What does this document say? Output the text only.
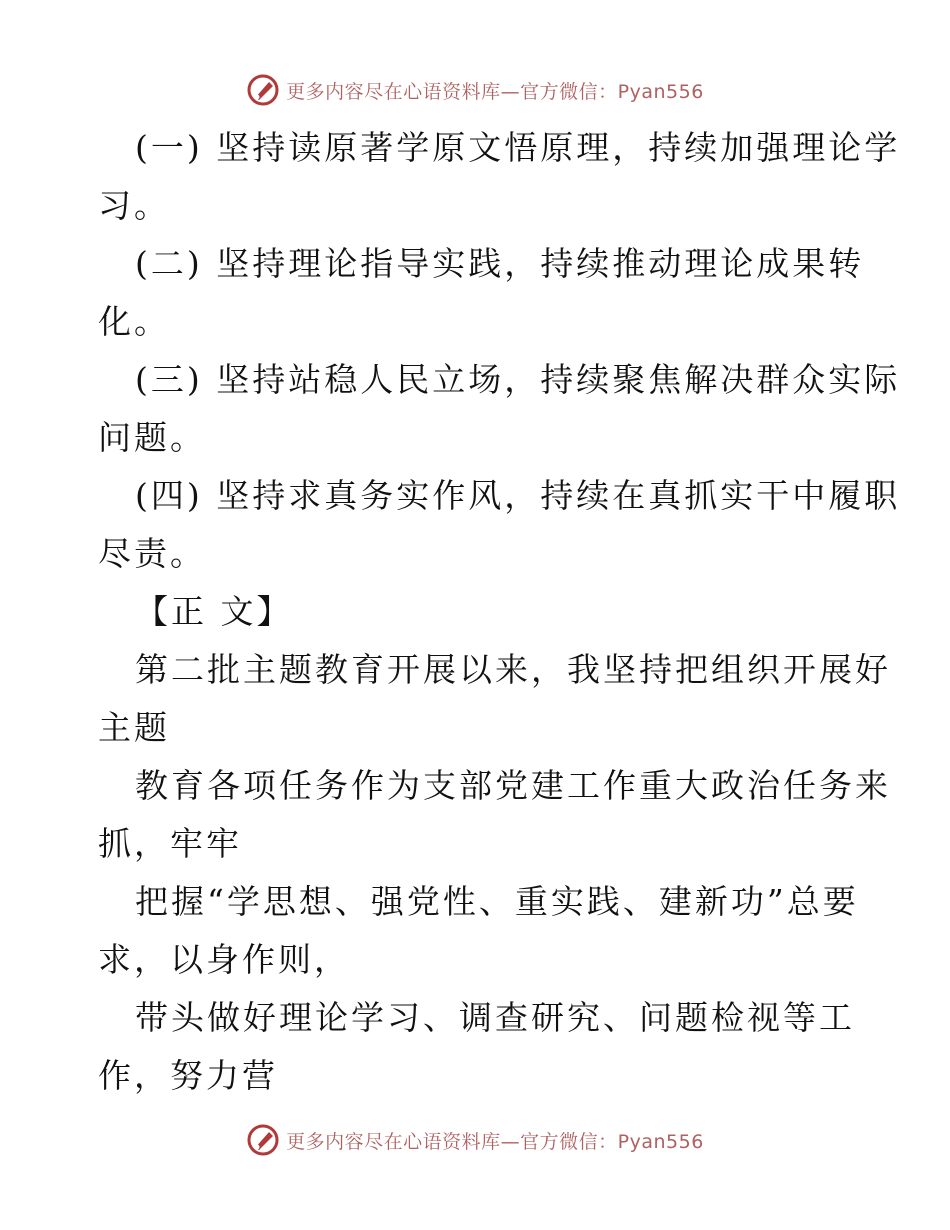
更多内容尽在心语资料库—官方微信：Pyan556
(一) 坚持读原著学原文悟原理，持续加强理论学
习。
(二) 坚持理论指导实践，持续推动理论成果转
化。
(三) 坚持站稳人民立场，持续聚焦解决群众实际
问题。
(四) 坚持求真务实作风，持续在真抓实干中履职
尽责。
【正 文】
第二批主题教育开展以来，我坚持把组织开展好
主题
教育各项任务作为支部党建工作重大政治任务来
抓，牢牢
把握“学思想、强党性、重实践、建新功”总要
求，以身作则，
带头做好理论学习、调查研究、问题检视等工
作，努力营
更多内容尽在心语资料库—官方微信：Pyan556
